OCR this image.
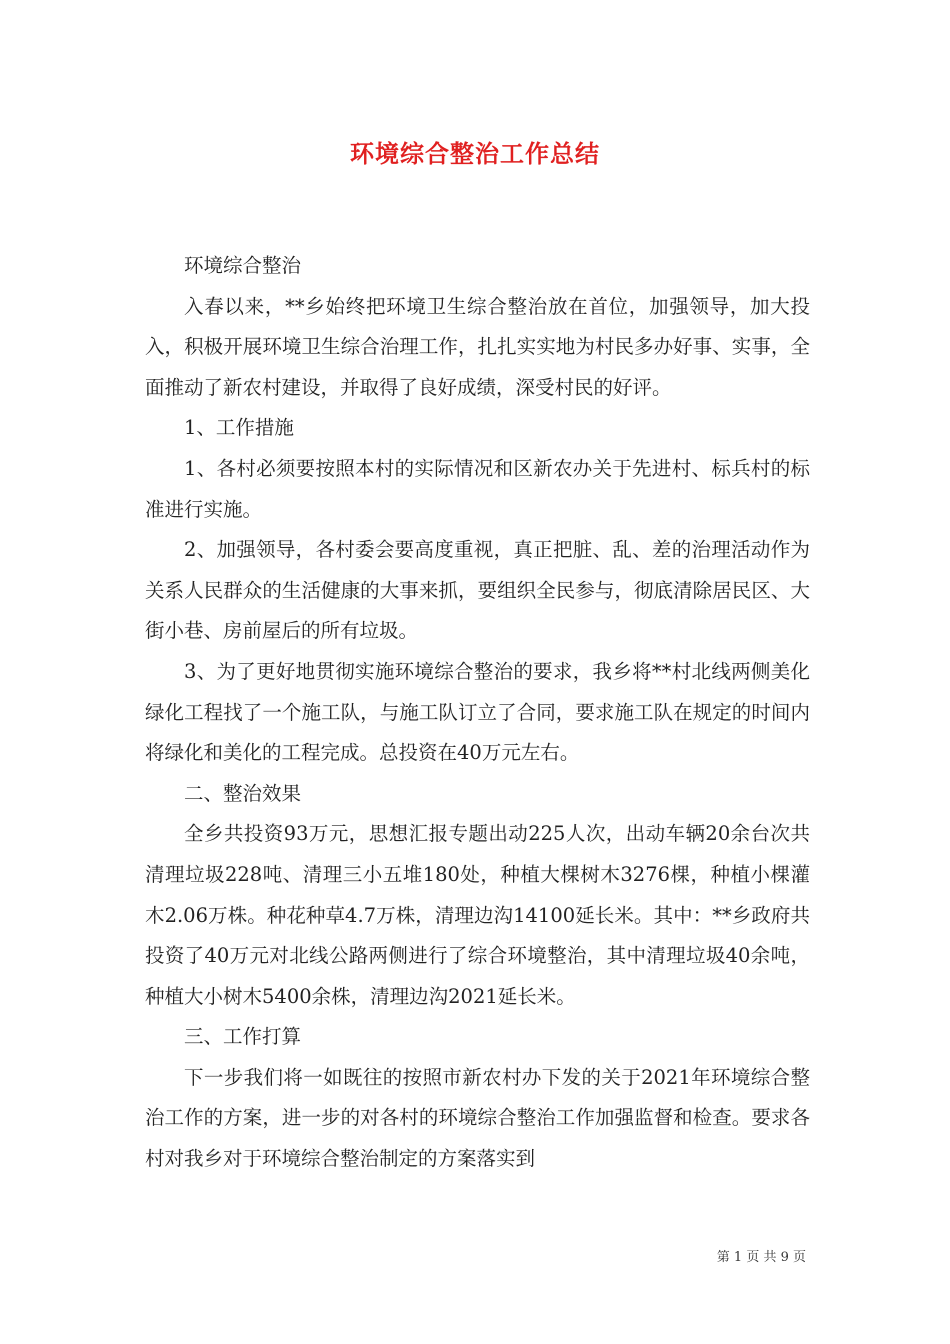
环境综合整治工作总结

环境综合整治

入春以来，**乡始终把环境卫生综合整治放在首位，加强领导，加大投入，积极开展环境卫生综合治理工作，扎扎实实地为村民多办好事、实事，全面推动了新农村建设，并取得了良好成绩，深受村民的好评。

1、工作措施

1、各村必须要按照本村的实际情况和区新农办关于先进村、标兵村的标准进行实施。

2、加强领导，各村委会要高度重视，真正把脏、乱、差的治理活动作为关系人民群众的生活健康的大事来抓，要组织全民参与，彻底清除居民区、大街小巷、房前屋后的所有垃圾。

3、为了更好地贯彻实施环境综合整治的要求，我乡将**村北线两侧美化绿化工程找了一个施工队，与施工队订立了合同，要求施工队在规定的时间内将绿化和美化的工程完成。总投资在40万元左右。

二、整治效果

全乡共投资93万元，思想汇报专题出动225人次，出动车辆20余台次共清理垃圾228吨、清理三小五堆180处，种植大棵树木3276棵，种植小棵灌木2.06万株。种花种草4.7万株，清理边沟14100延长米。其中：**乡政府共投资了40万元对北线公路两侧进行了综合环境整治，其中清理垃圾40余吨，种植大小树木5400余株，清理边沟2021延长米。

三、工作打算

下一步我们将一如既往的按照市新农村办下发的关于2021年环境综合整治工作的方案，进一步的对各村的环境综合整治工作加强监督和检查。要求各村对我乡对于环境综合整治制定的方案落实到

第 1 页 共 9 页
